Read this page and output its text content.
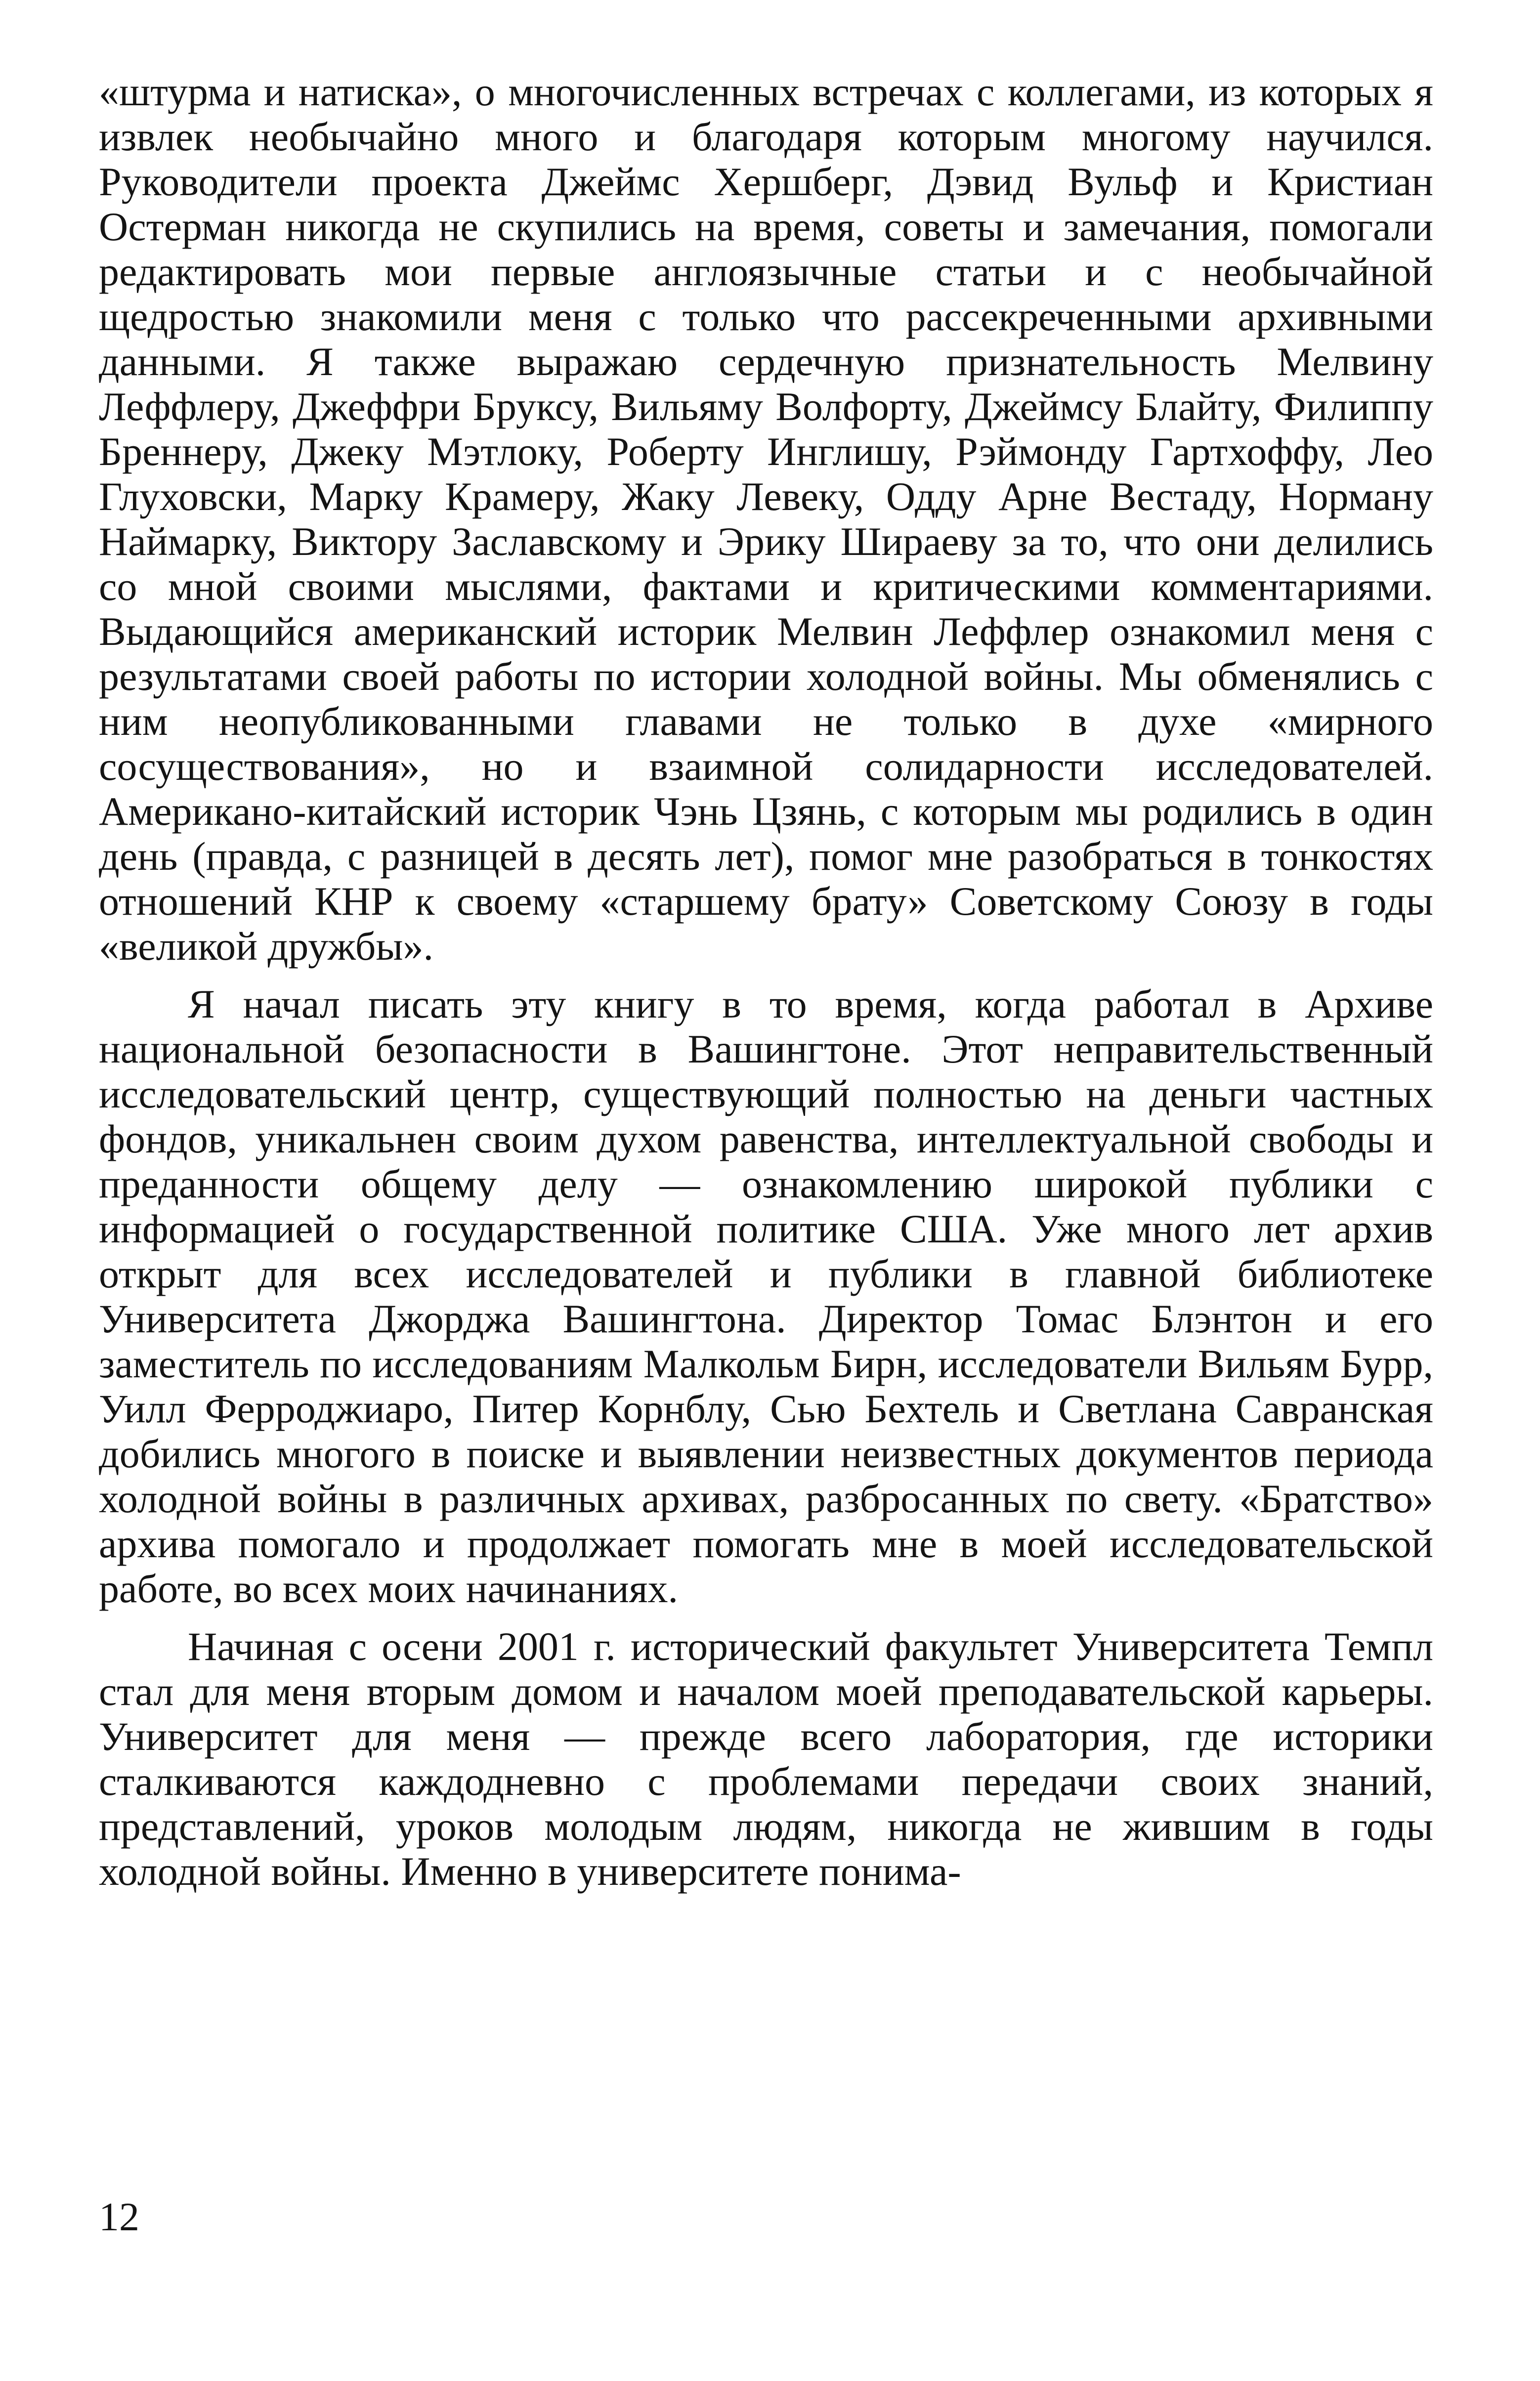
«штурма и натиска», о многочисленных встречах с коллегами, из которых я извлек необычайно много и благодаря которым многому научился. Руководители проекта Джеймс Хершберг, Дэвид Вульф и Кристиан Остерман никогда не скупились на время, советы и замечания, помогали редактировать мои первые англоязычные статьи и с необычайной щедростью знакомили меня с только что рассекреченными архивными данными. Я также выражаю сердечную признательность Мелвину Леффлеру, Джеффри Бруксу, Вильяму Волфорту, Джеймсу Блайту, Филиппу Бреннеру, Джеку Мэтлоку, Роберту Инглишу, Рэймонду Гартхоффу, Лео Глуховски, Марку Крамеру, Жаку Левеку, Одду Арне Вестаду, Норману Наймарку, Виктору Заславскому и Эрику Шираеву за то, что они делились со мной своими мыслями, фактами и критическими комментариями. Выдающийся американский историк Мелвин Леффлер ознакомил меня с результатами своей работы по истории холодной войны. Мы обменялись с ним неопубликованными главами не только в духе «мирного сосуществования», но и взаимной солидарности исследователей. Американо-китайский историк Чэнь Цзянь, с которым мы родились в один день (правда, с разницей в десять лет), помог мне разобраться в тонкостях отношений КНР к своему «старшему брату» Советскому Союзу в годы «великой дружбы».

Я начал писать эту книгу в то время, когда работал в Архиве национальной безопасности в Вашингтоне. Этот неправительственный исследовательский центр, существующий полностью на деньги частных фондов, уникальнен своим духом равенства, интеллектуальной свободы и преданности общему делу — ознакомлению широкой публики с информацией о государственной политике США. Уже много лет архив открыт для всех исследователей и публики в главной библиотеке Университета Джорджа Вашингтона. Директор Томас Блэнтон и его заместитель по исследованиям Малкольм Бирн, исследователи Вильям Бурр, Уилл Ферроджиаро, Питер Корнблу, Сью Бехтель и Светлана Савранская добились многого в поиске и выявлении неизвестных документов периода холодной войны в различных архивах, разбросанных по свету. «Братство» архива помогало и продолжает помогать мне в моей исследовательской работе, во всех моих начинаниях.

Начиная с осени 2001 г. исторический факультет Университета Темпл стал для меня вторым домом и началом моей преподавательской карьеры. Университет для меня — прежде всего лаборатория, где историки сталкиваются каждодневно с проблемами передачи своих знаний, представлений, уроков молодым людям, никогда не жившим в годы холодной войны. Именно в университете понима-

12
